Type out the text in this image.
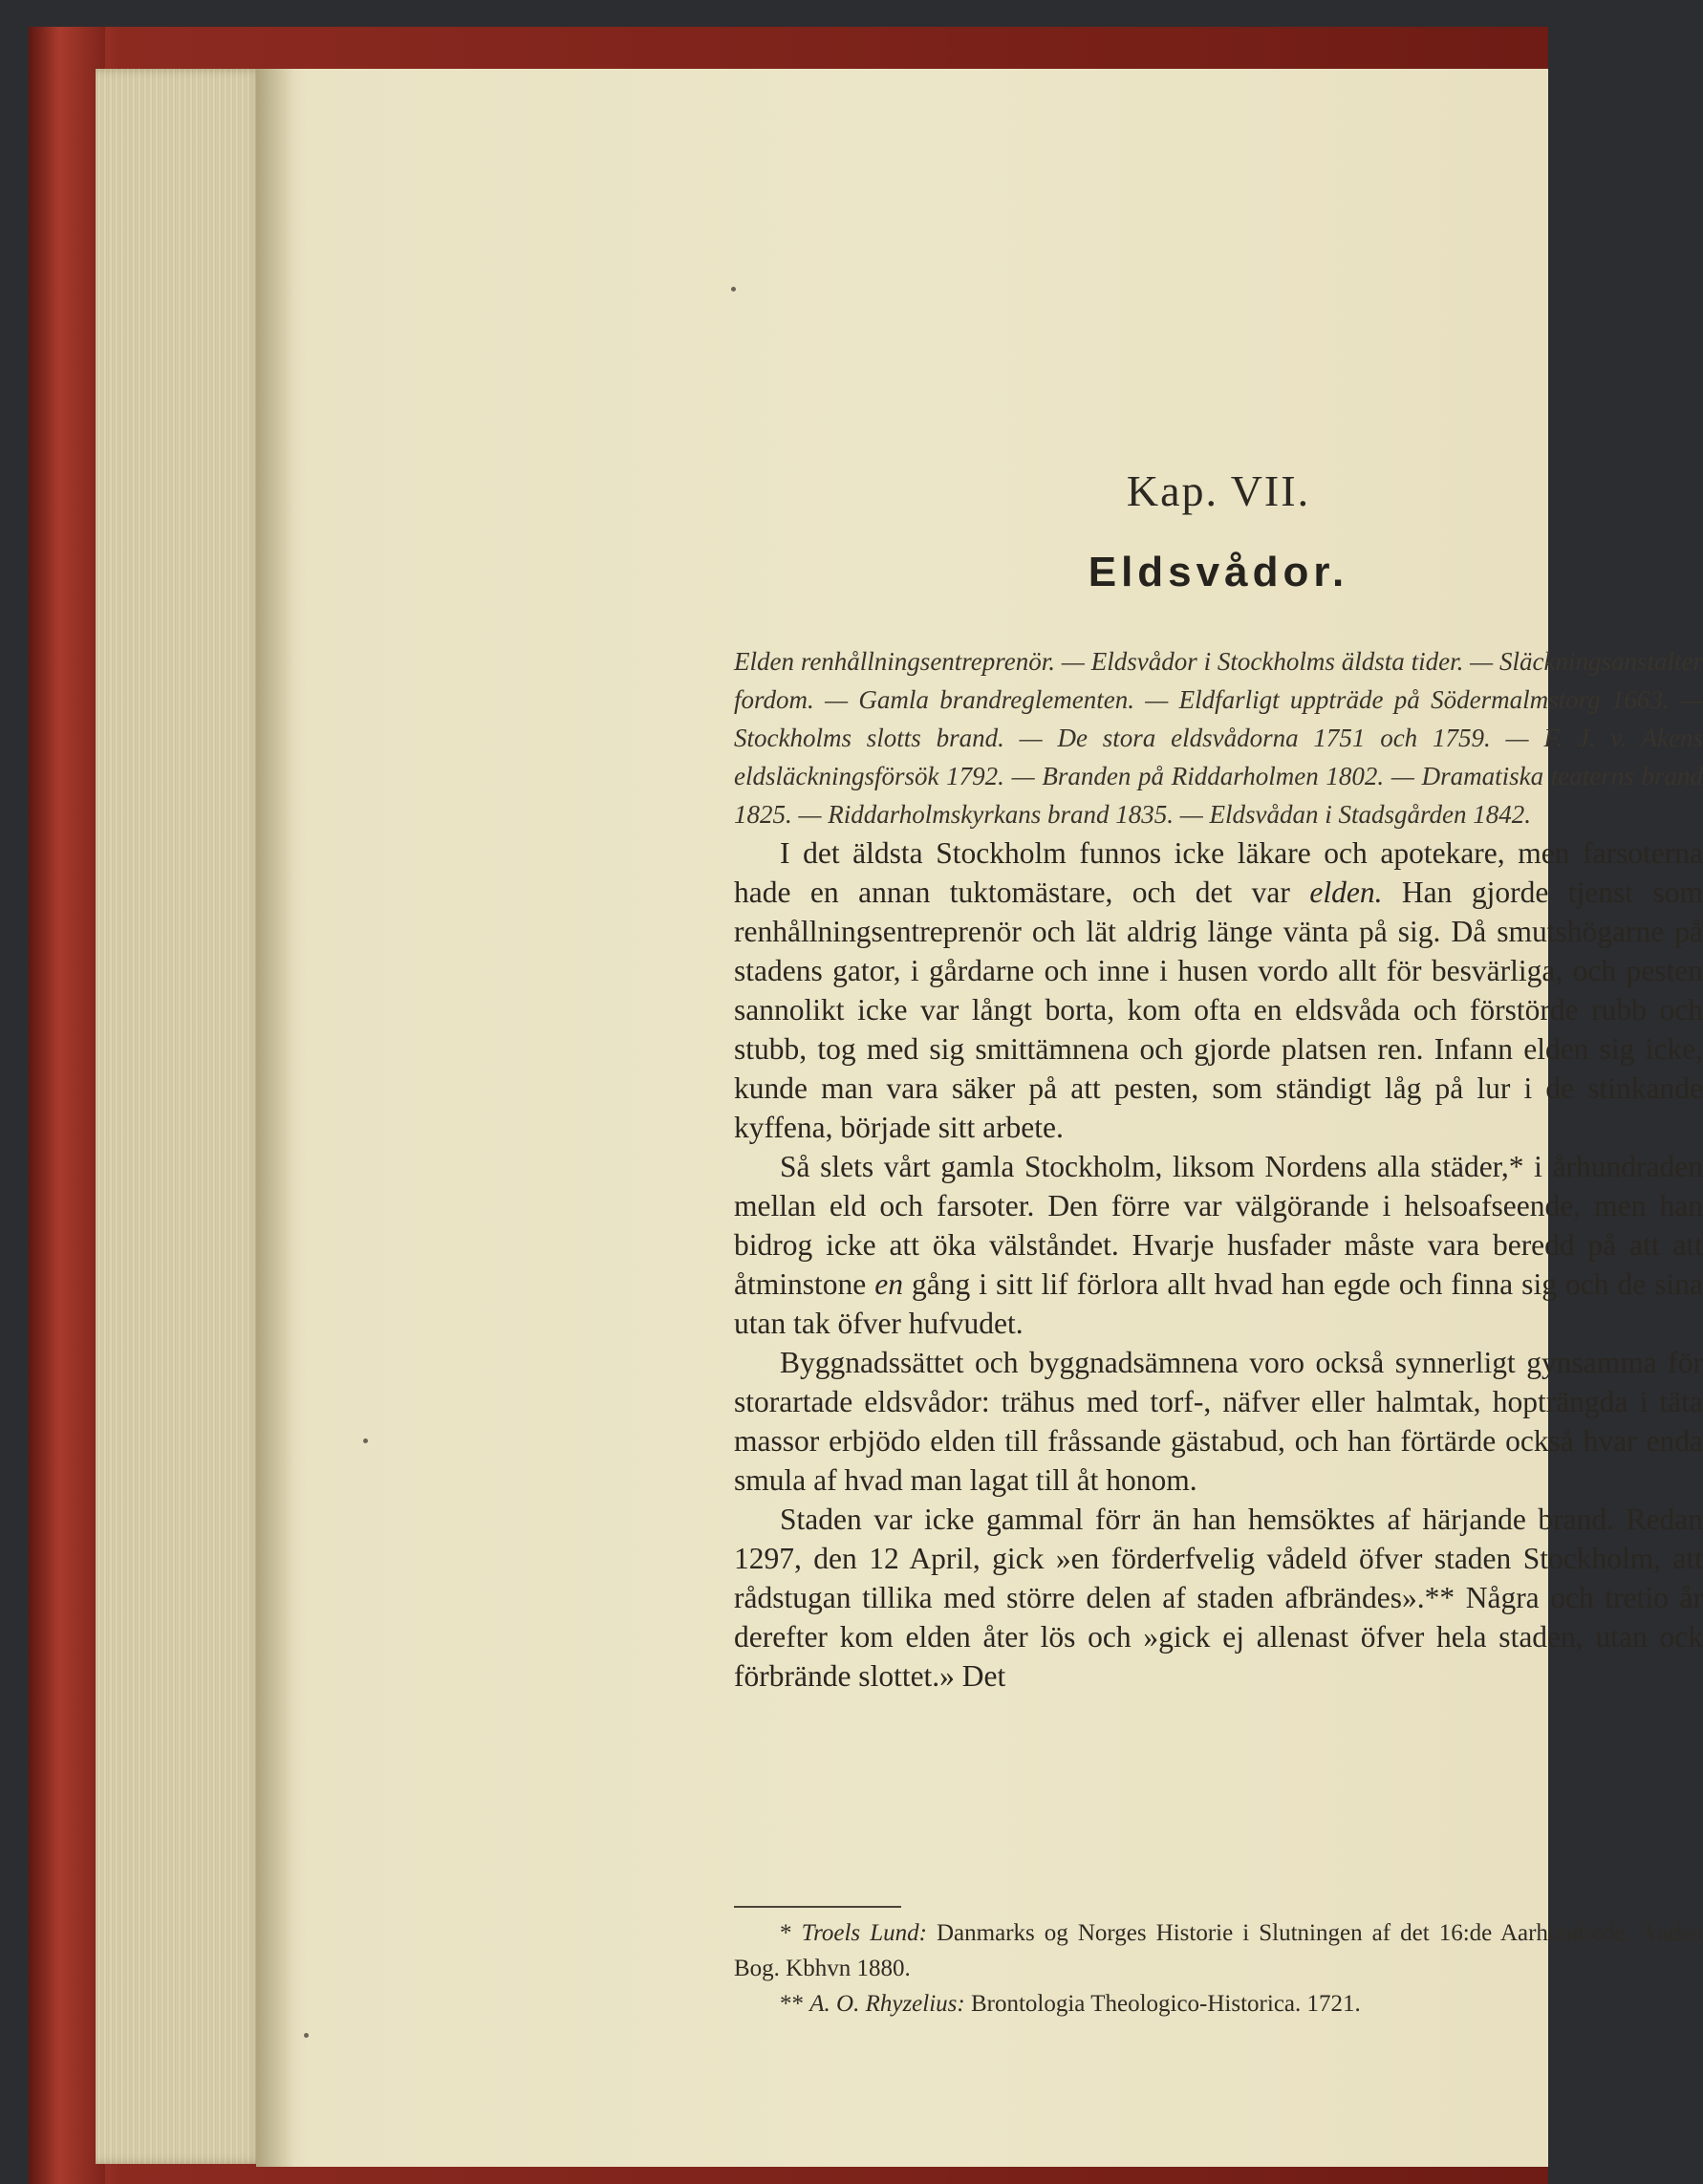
Kap. VII.
Eldsvådor.
Elden renhållningsentreprenör. — Eldsvådor i Stockholms äldsta tider. — Släckningsanstalter fordom. — Gamla brandreglementen. — Eldfarligt uppträde på Södermalmstorg 1663. — Stockholms slotts brand. — De stora eldsvådorna 1751 och 1759. — F. J. v. Akens eldsläckningsförsök 1792. — Branden på Riddarholmen 1802. — Dramatiska teaterns brand 1825. — Riddarholmskyrkans brand 1835. — Eldsvådan i Stadsgården 1842.

I det äldsta Stockholm funnos icke läkare och apotekare, men farsoterna hade en annan tuktomästare, och det var elden. Han gjorde tjenst som renhållningsentreprenör och lät aldrig länge vänta på sig. Då smutshögarne på stadens gator, i gårdarne och inne i husen vordo allt för besvärliga, och pesten sannolikt icke var långt borta, kom ofta en eldsvåda och förstörde rubb och stubb, tog med sig smittämnena och gjorde platsen ren. Infann elden sig icke, kunde man vara säker på att pesten, som ständigt låg på lur i de stinkande kyffena, började sitt arbete.

Så slets vårt gamla Stockholm, liksom Nordens alla städer,* i århundraden mellan eld och farsoter. Den förre var välgörande i helsoafseende, men han bidrog icke att öka välståndet. Hvarje husfader måste vara beredd på att att åtminstone en gång i sitt lif förlora allt hvad han egde och finna sig och de sina utan tak öfver hufvudet.

Byggnadssättet och byggnadsämnena voro också synnerligt gynsamma för storartade eldsvådor: trähus med torf-, näfver eller halmtak, hopträngda i täta massor erbjödo elden till fråssande gästabud, och han förtärde också hvar enda smula af hvad man lagat till åt honom.

Staden var icke gammal förr än han hemsöktes af härjande brand. Redan 1297, den 12 April, gick »en förderfvelig vådeld öfver staden Stockholm, att rådstugan tillika med större delen af staden afbrändes».** Några och tretio år derefter kom elden åter lös och »gick ej allenast öfver hela staden, utan ock förbrände slottet.» Det

* Troels Lund: Danmarks og Norges Historie i Slutningen af det 16:de Aarhundrede. Anden Bog. Kbhvn 1880.

** A. O. Rhyzelius: Brontologia Theologico-Historica. 1721.
